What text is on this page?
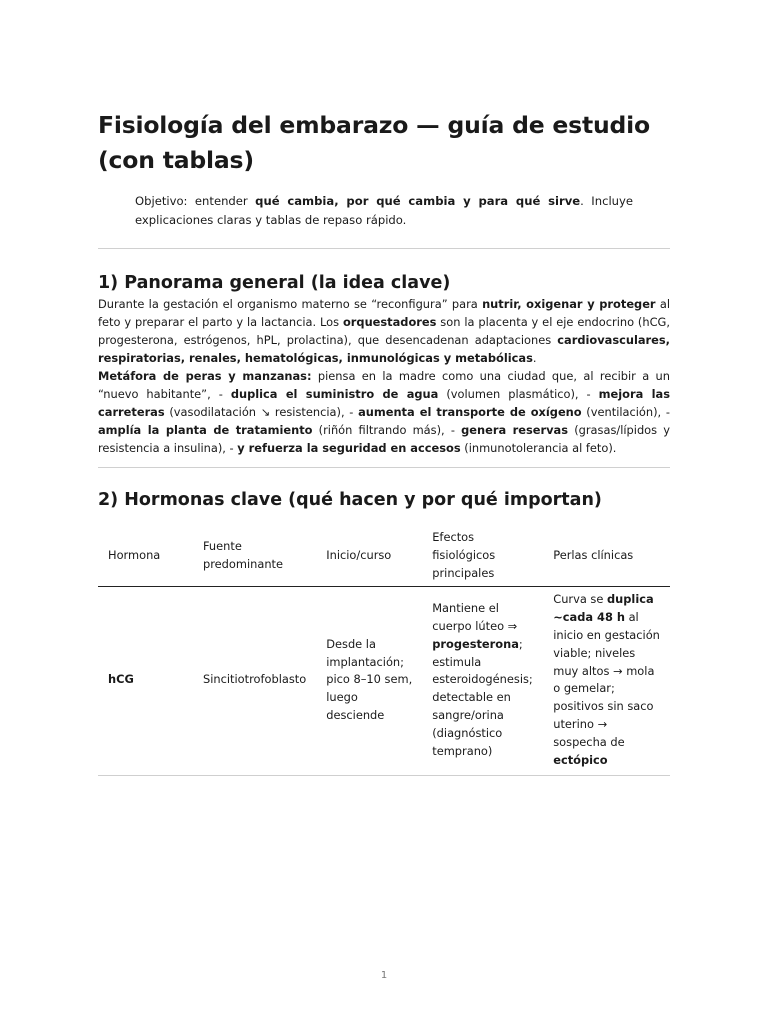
Fisiología del embarazo — guía de estudio (con tablas)

Objetivo: entender qué cambia, por qué cambia y para qué sirve. Incluye explicaciones claras y tablas de repaso rápido.

1) Panorama general (la idea clave)

Durante la gestación el organismo materno se “reconfigura” para nutrir, oxigenar y proteger al feto y preparar el parto y la lactancia. Los orquestadores son la placenta y el eje endocrino (hCG, progesterona, estrógenos, hPL, prolactina), que desencadenan adaptaciones cardiovasculares, respiratorias, renales, hematológicas, inmunológicas y metabólicas.

Metáfora de peras y manzanas: piensa en la madre como una ciudad que, al recibir a un “nuevo habitante”, - duplica el suministro de agua (volumen plasmático), - mejora las carreteras (vasodilatación ↘ resistencia), - aumenta el transporte de oxígeno (ventilación), - amplía la planta de tratamiento (riñón filtrando más), - genera reservas (grasas/lípidos y resistencia a insulina), - y refuerza la seguridad en accesos (inmunotolerancia al feto).

2) Hormonas clave (qué hacen y por qué importan)
Hormona	Fuente predominante	Inicio/curso	Efectos fisiológicos principales	Perlas clínicas
hCG	Sincitiotrofoblasto	Desde la implantación; pico 8–10 sem, luego desciende	Mantiene el cuerpo lúteo ⇒ progesterona; estimula esteroidogénesis; detectable en sangre/orina (diagnóstico temprano)	Curva se duplica ~cada 48 h al inicio en gestación viable; niveles muy altos → mola o gemelar; positivos sin saco uterino → sospecha de ectópico
1
